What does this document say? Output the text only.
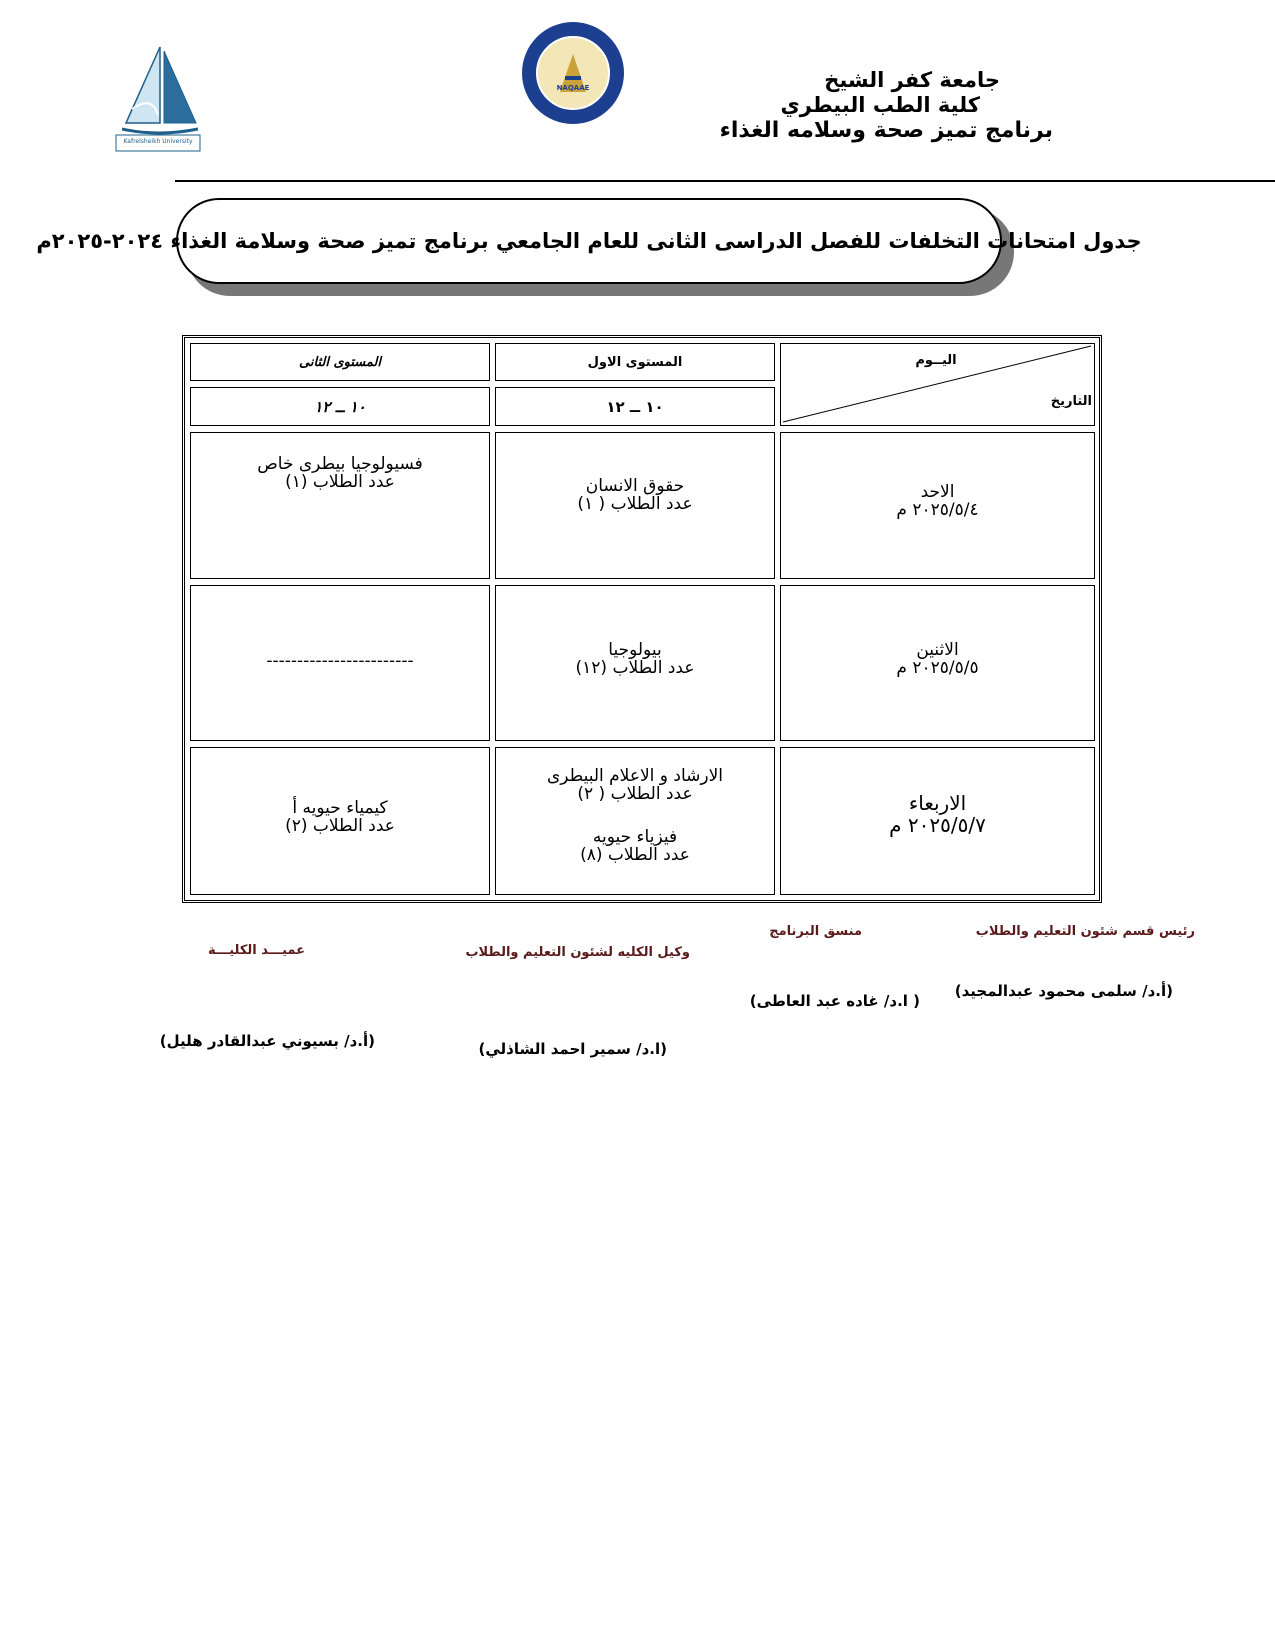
Kafrelsheikh University
NAQAAE	جامعة كفر الشيخ
كلية الطب البيطري
برنامج تميز صحة وسلامه الغذاء
جدول امتحانات التخلفات للفصل الدراسى الثانى للعام الجامعي برنامج تميز صحة وسلامة الغذاء ٢٠٢٤-٢٠٢٥م
اليــوم
التاريخ
المستوى الاول
١٠ ــ ١٢
المستوى الثانى
١٠ ــ ١٢
الاحد
٢٠٢٥/٥/٤ م
حقوق الانسان
عدد الطلاب ( ١)
فسيولوجيا بيطرى خاص
عدد الطلاب (١)
الاثنين
٢٠٢٥/٥/٥ م
بيولوجيا
عدد الطلاب (١٢)
------------------------
الاربعاء
٢٠٢٥/٥/٧ م
الارشاد و الاعلام البيطرى
عدد الطلاب ( ٢)
فيزياء حيويه
عدد الطلاب (٨)
كيمياء حيويه أ
عدد الطلاب (٢)
رئيس قسم شئون التعليم والطلاب
منسق البرنامج
وكيل الكليه لشئون التعليم والطلاب
عميـــد الكليـــة
(أ.د/ سلمى محمود عبدالمجيد)
( ا.د/ غاده عبد العاطى)
(ا.د/ سمير احمد الشاذلي)
(أ.د/ بسيوني عبدالقادر هليل)
